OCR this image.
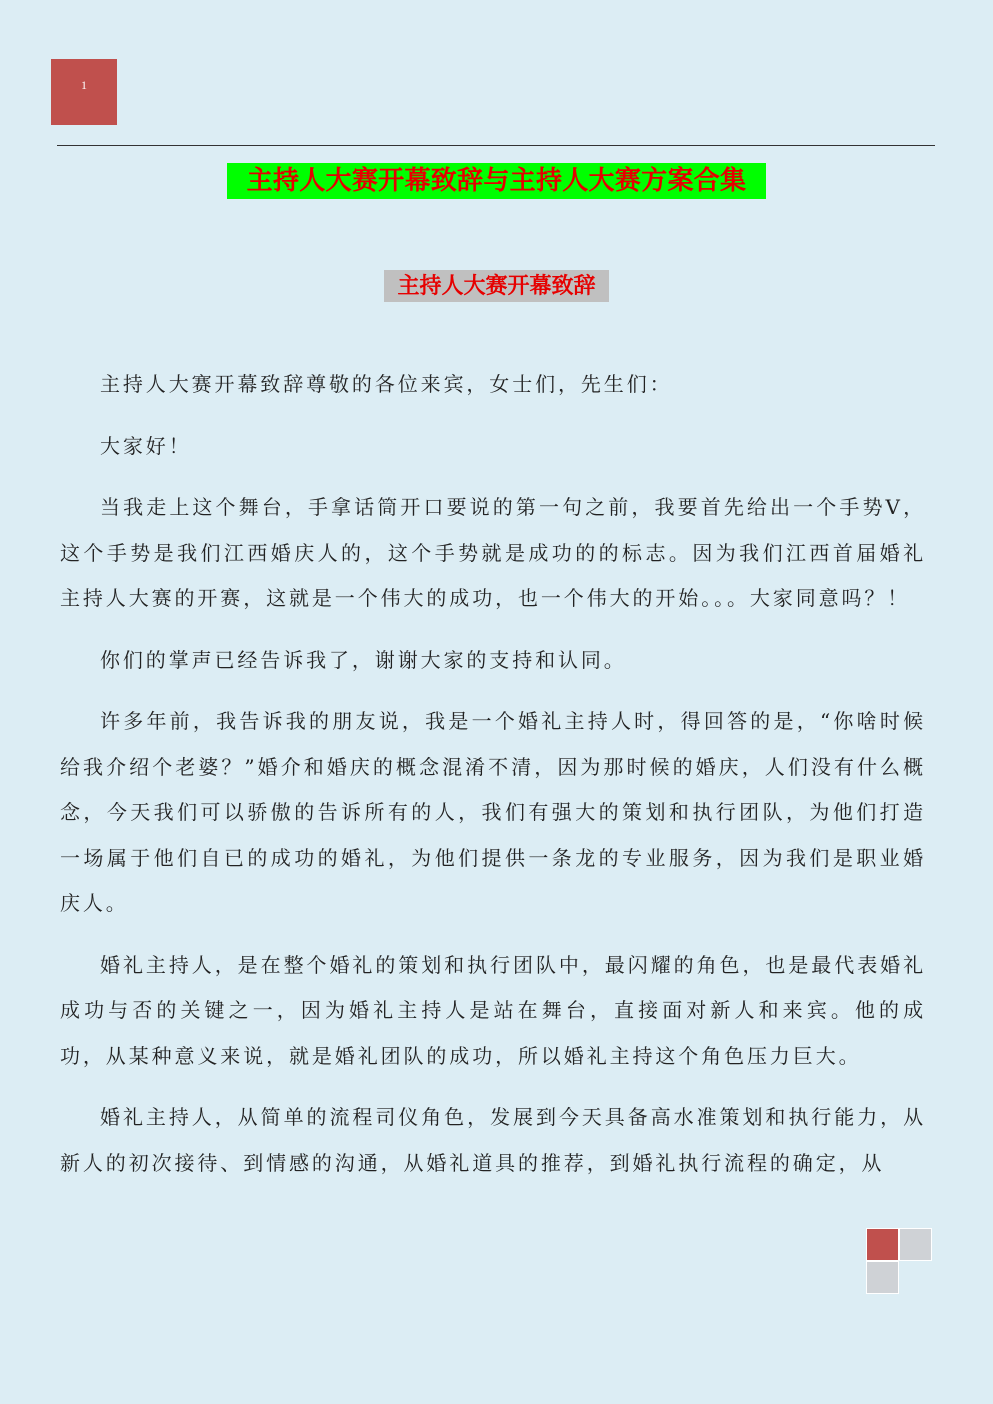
1
主持人大赛开幕致辞与主持人大赛方案合集
主持人大赛开幕致辞

主持人大赛开幕致辞尊敬的各位来宾，女士们，先生们：

大家好！

当我走上这个舞台，手拿话筒开口要说的第一句之前，我要首先给出一个手势V，这个手势是我们江西婚庆人的，这个手势就是成功的的标志。因为我们江西首届婚礼主持人大赛的开赛，这就是一个伟大的成功，也一个伟大的开始。。。大家同意吗？！

你们的掌声已经告诉我了，谢谢大家的支持和认同。

许多年前，我告诉我的朋友说，我是一个婚礼主持人时，得回答的是，“你啥时候给我介绍个老婆？”婚介和婚庆的概念混淆不清，因为那时候的婚庆，人们没有什么概念，今天我们可以骄傲的告诉所有的人，我们有强大的策划和执行团队，为他们打造一场属于他们自已的成功的婚礼，为他们提供一条龙的专业服务，因为我们是职业婚庆人。

婚礼主持人，是在整个婚礼的策划和执行团队中，最闪耀的角色，也是最代表婚礼成功与否的关键之一，因为婚礼主持人是站在舞台，直接面对新人和来宾。他的成功，从某种意义来说，就是婚礼团队的成功，所以婚礼主持这个角色压力巨大。

婚礼主持人，从简单的流程司仪角色，发展到今天具备高水准策划和执行能力，从新人的初次接待、到情感的沟通，从婚礼道具的推荐，到婚礼执行流程的确定，从
